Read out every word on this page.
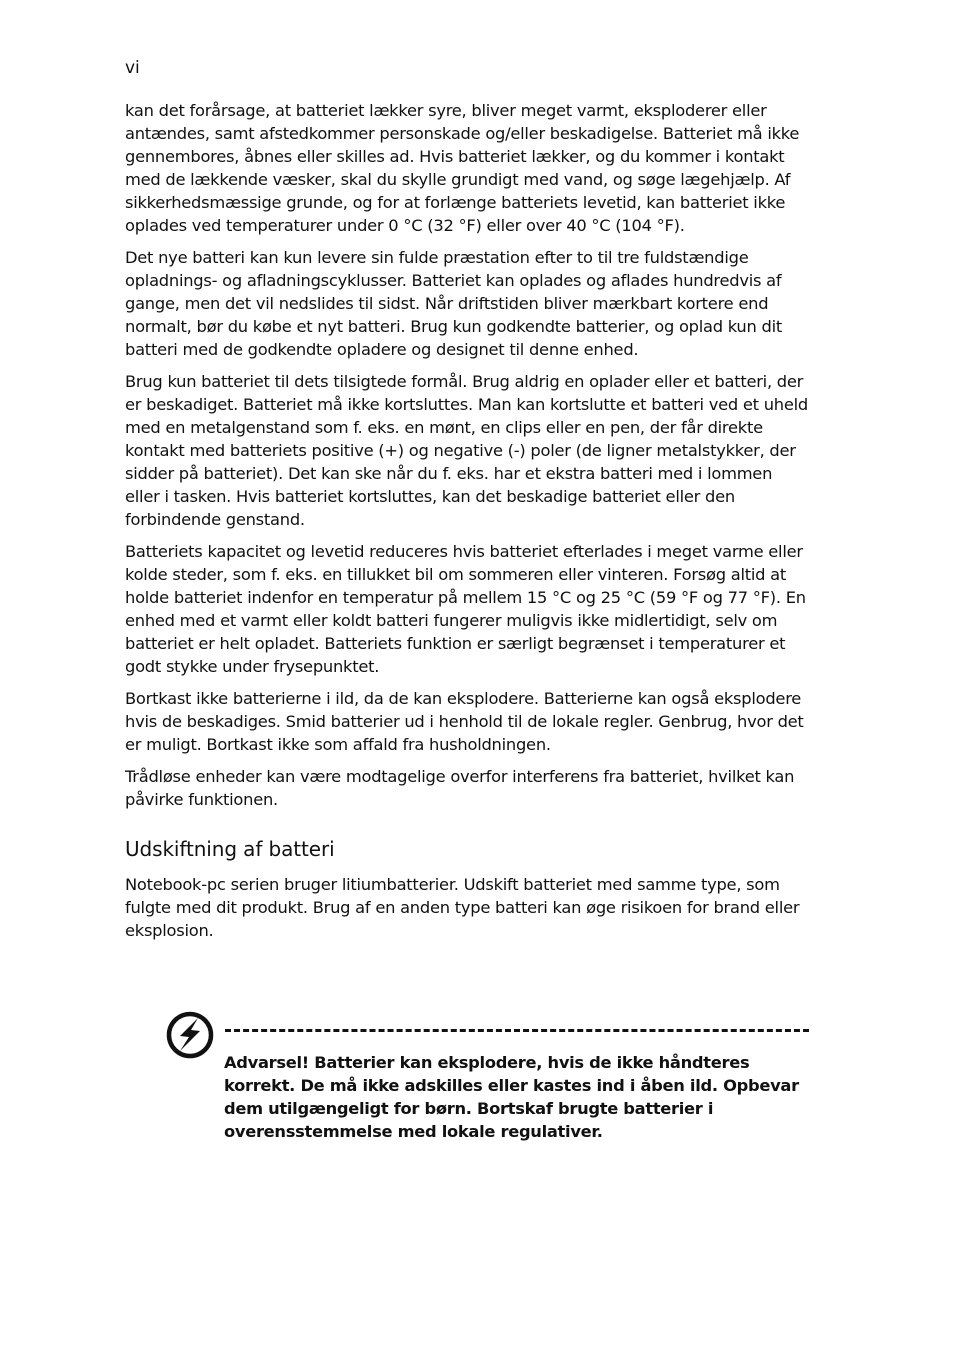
vi

kan det forårsage, at batteriet lækker syre, bliver meget varmt, eksploderer eller antændes, samt afstedkommer personskade og/eller beskadigelse. Batteriet må ikke gennembores, åbnes eller skilles ad. Hvis batteriet lækker, og du kommer i kontakt med de lækkende væsker, skal du skylle grundigt med vand, og søge lægehjælp. Af sikkerhedsmæssige grunde, og for at forlænge batteriets levetid, kan batteriet ikke oplades ved temperaturer under 0 °C (32 °F) eller over 40 °C (104 °F).

Det nye batteri kan kun levere sin fulde præstation efter to til tre fuldstændige opladnings- og afladningscyklusser. Batteriet kan oplades og aflades hundredvis af gange, men det vil nedslides til sidst. Når driftstiden bliver mærkbart kortere end normalt, bør du købe et nyt batteri. Brug kun godkendte batterier, og oplad kun dit batteri med de godkendte opladere og designet til denne enhed.

Brug kun batteriet til dets tilsigtede formål. Brug aldrig en oplader eller et batteri, der er beskadiget. Batteriet må ikke kortsluttes. Man kan kortslutte et batteri ved et uheld med en metalgenstand som f. eks. en mønt, en clips eller en pen, der får direkte kontakt med batteriets positive (+) og negative (-) poler (de ligner metalstykker, der sidder på batteriet). Det kan ske når du f. eks. har et ekstra batteri med i lommen eller i tasken. Hvis batteriet kortsluttes, kan det beskadige batteriet eller den forbindende genstand.

Batteriets kapacitet og levetid reduceres hvis batteriet efterlades i meget varme eller kolde steder, som f. eks. en tillukket bil om sommeren eller vinteren. Forsøg altid at holde batteriet indenfor en temperatur på mellem 15 °C og 25 °C (59 °F og 77 °F). En enhed med et varmt eller koldt batteri fungerer muligvis ikke midlertidigt, selv om batteriet er helt opladet. Batteriets funktion er særligt begrænset i temperaturer et godt stykke under frysepunktet.

Bortkast ikke batterierne i ild, da de kan eksplodere. Batterierne kan også eksplodere hvis de beskadiges. Smid batterier ud i henhold til de lokale regler. Genbrug, hvor det er muligt. Bortkast ikke som affald fra husholdningen.

Trådløse enheder kan være modtagelige overfor interferens fra batteriet, hvilket kan påvirke funktionen.

Udskiftning af batteri

Notebook-pc serien bruger litiumbatterier. Udskift batteriet med samme type, som fulgte med dit produkt. Brug af en anden type batteri kan øge risikoen for brand eller eksplosion.

Advarsel! Batterier kan eksplodere, hvis de ikke håndteres korrekt. De må ikke adskilles eller kastes ind i åben ild. Opbevar dem utilgængeligt for børn. Bortskaf brugte batterier i overensstemmelse med lokale regulativer.
